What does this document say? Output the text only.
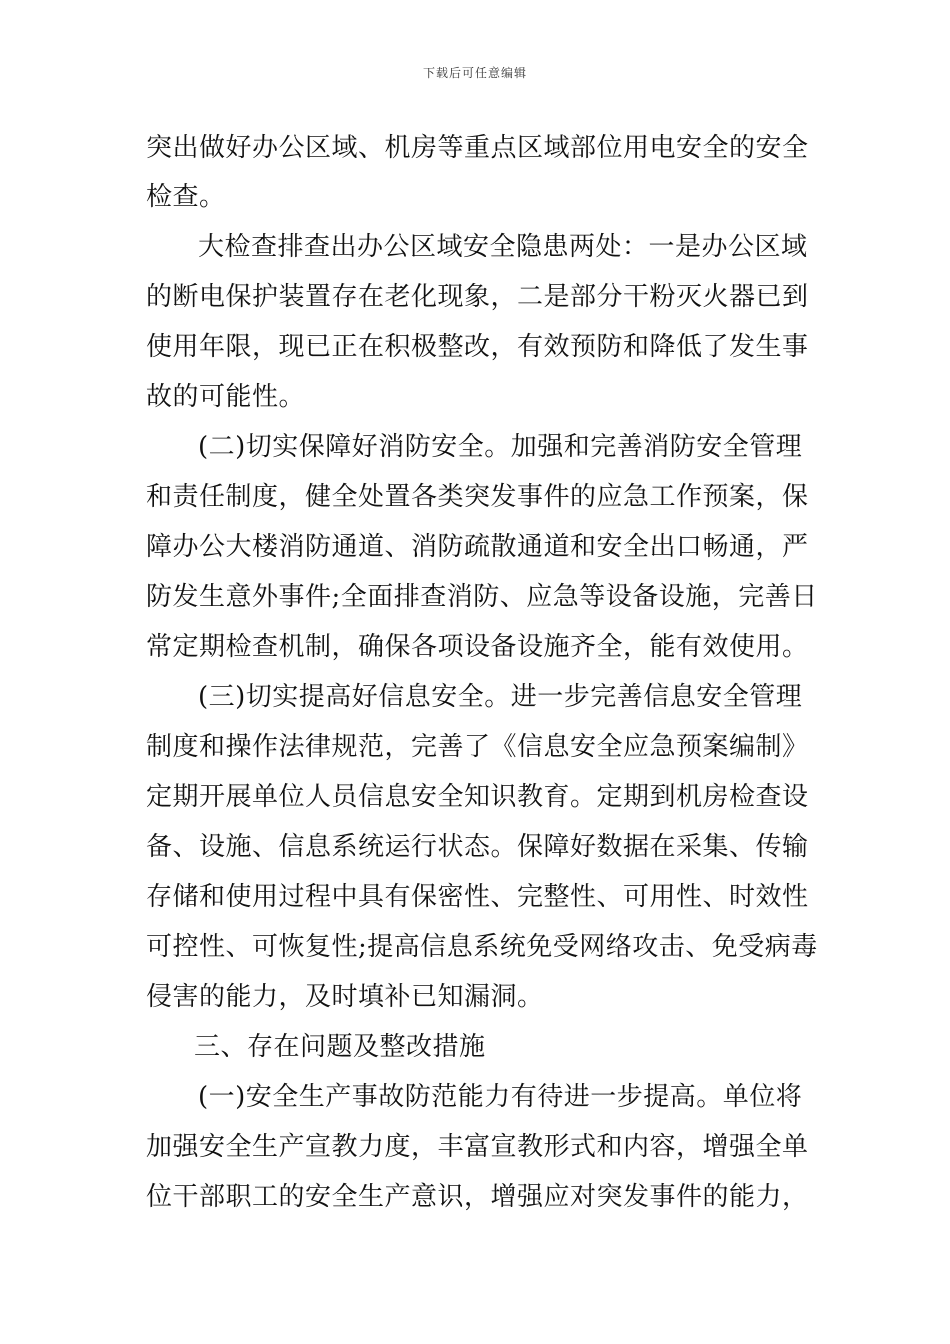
下载后可任意编辑
突出做好办公区域、机房等重点区域部位用电安全的安全
检查。
大检查排查出办公区域安全隐患两处：一是办公区域
的断电保护装置存在老化现象，二是部分干粉灭火器已到
使用年限，现已正在积极整改，有效预防和降低了发生事
故的可能性。
(二)切实保障好消防安全。加强和完善消防安全管理
和责任制度，健全处置各类突发事件的应急工作预案，保
障办公大楼消防通道、消防疏散通道和安全出口畅通，严
防发生意外事件;全面排查消防、应急等设备设施，完善日
常定期检查机制，确保各项设备设施齐全，能有效使用。
(三)切实提高好信息安全。进一步完善信息安全管理
制度和操作法律规范，完善了《信息安全应急预案编制》
定期开展单位人员信息安全知识教育。定期到机房检查设
备、设施、信息系统运行状态。保障好数据在采集、传输
存储和使用过程中具有保密性、完整性、可用性、时效性
可控性、可恢复性;提高信息系统免受网络攻击、免受病毒
侵害的能力，及时填补已知漏洞。
三、存在问题及整改措施
(一)安全生产事故防范能力有待进一步提高。单位将
加强安全生产宣教力度，丰富宣教形式和内容，增强全单
位干部职工的安全生产意识，增强应对突发事件的能力，
